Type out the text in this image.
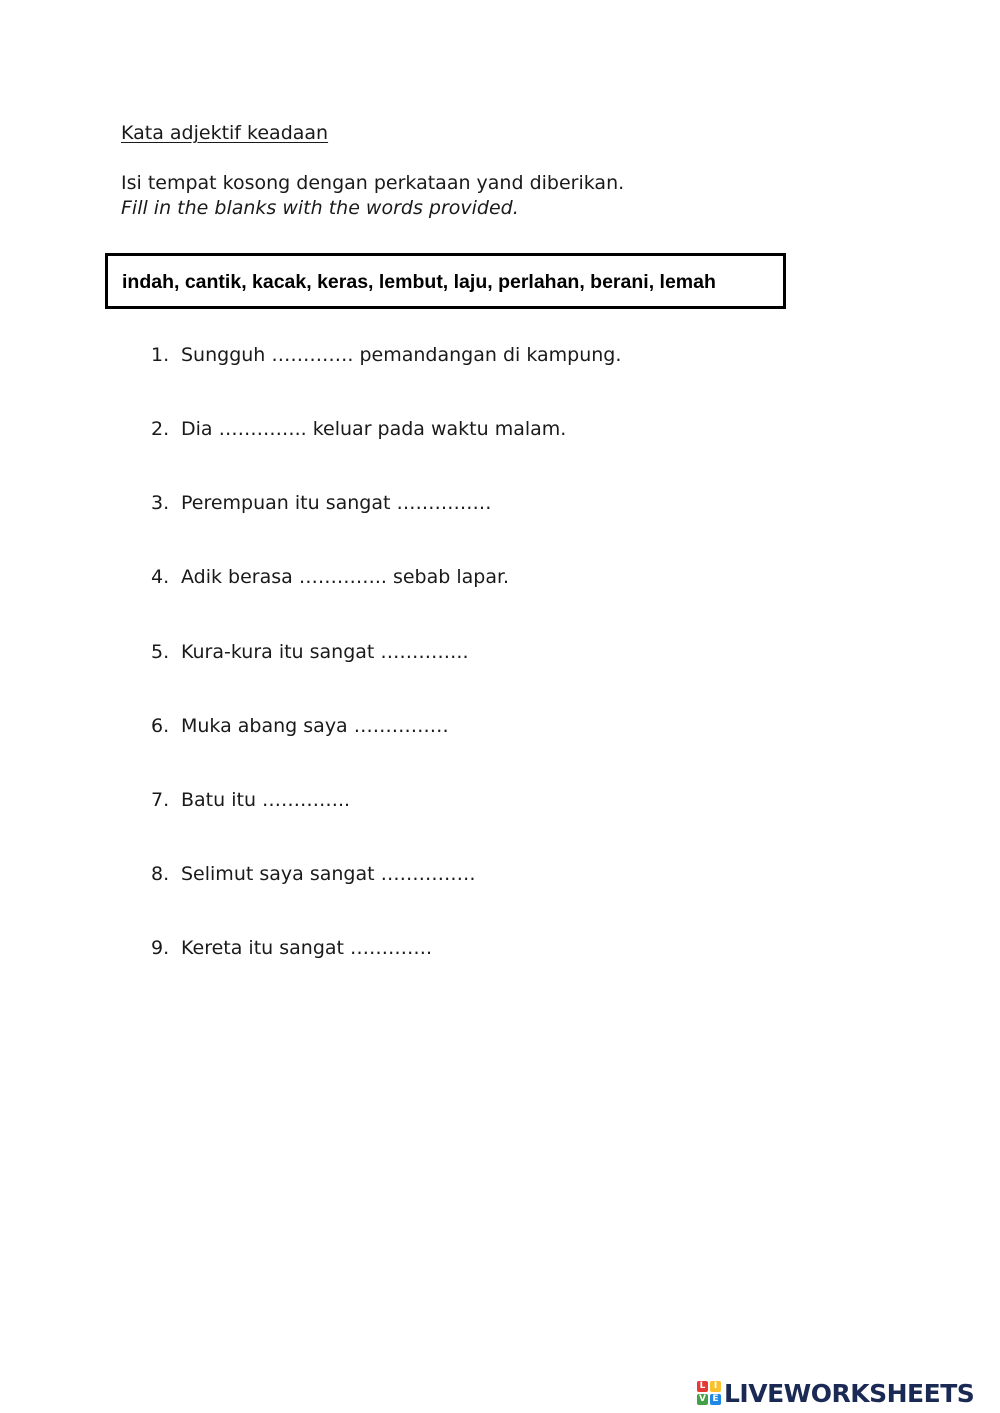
Kata adjektif keadaan
Isi tempat kosong dengan perkataan yand diberikan.
Fill in the blanks with the words provided.
indah, cantik, kacak, keras, lembut, laju, perlahan, berani, lemah
1. Sungguh …………. pemandangan di kampung.
2. Dia ………….. keluar pada waktu malam.
3. Perempuan itu sangat ……………
4. Adik berasa ………….. sebab lapar.
5. Kura-kura itu sangat …………..
6. Muka abang saya ……………
7. Batu itu …………..
8. Selimut saya sangat ……………
9. Kereta itu sangat ………….
L I
V E LIVEWORKSHEETS
